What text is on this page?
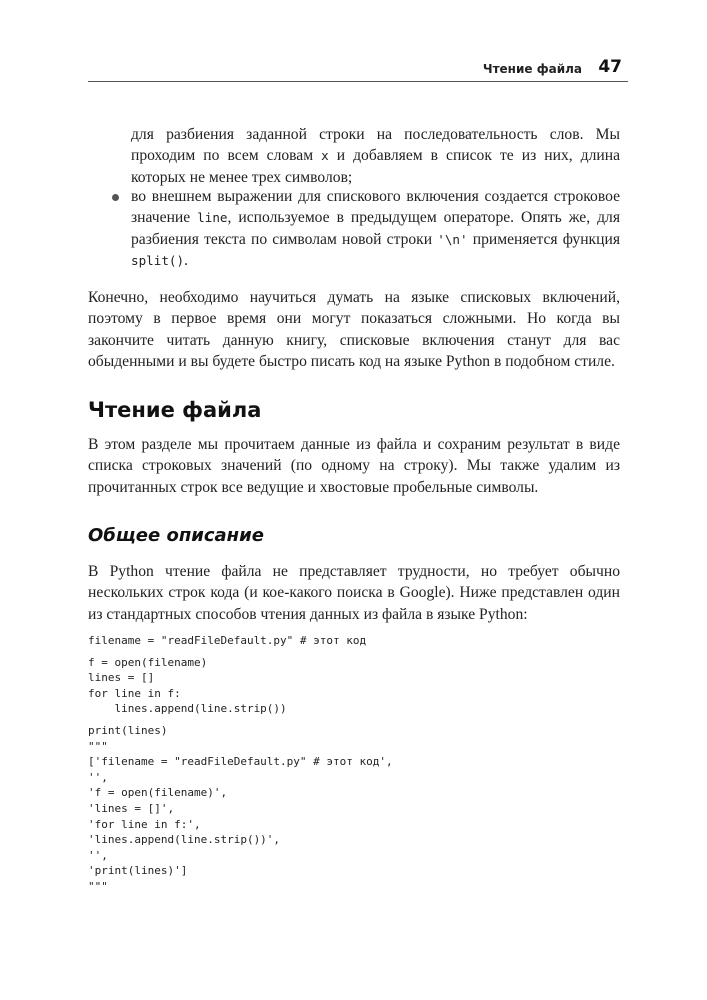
Чтение файла 47

для разбиения заданной строки на последовательность слов. Мы проходим по всем словам x и добавляем в список те из них, длина которых не менее трех символов;

во внешнем выражении для спискового включения создается строковое значение line, используемое в предыдущем операторе. Опять же, для разбиения текста по символам новой строки '\n' применяется функция split().

Конечно, необходимо научиться думать на языке списковых включений, поэтому в первое время они могут показаться сложными. Но когда вы закончите читать данную книгу, списковые включения станут для вас обыденными и вы будете быстро писать код на языке Python в подобном стиле.

Чтение файла

В этом разделе мы прочитаем данные из файла и сохраним результат в виде списка строковых значений (по одному на строку). Мы также удалим из прочитанных строк все ведущие и хвостовые пробельные символы.

Общее описание

В Python чтение файла не представляет трудности, но требует обычно нескольких строк кода (и кое-какого поиска в Google). Ниже представлен один из стандартных способов чтения данных из файла в языке Python:

filename = "readFileDefault.py" # этот код
f = open(filename)
lines = []
for line in f:
lines.append(line.strip())
print(lines)
"""
['filename = "readFileDefault.py" # этот код',
'',
'f = open(filename)',
'lines = []',
'for line in f:',
'lines.append(line.strip())',
'',
'print(lines)']
"""
